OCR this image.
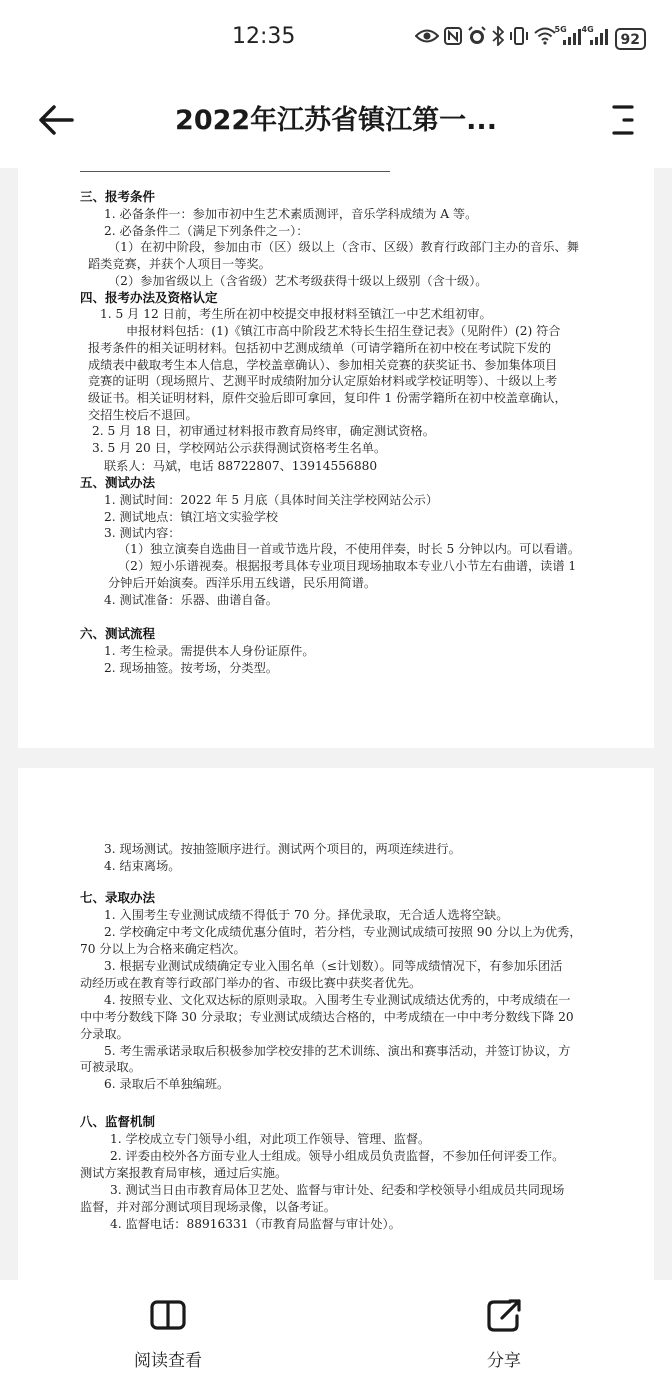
12:35	5G 4G
92
2022年江苏省镇江第一...
三、报考条件
1. 必备条件一：参加市初中生艺术素质测评，音乐学科成绩为 A 等。
2. 必备条件二（满足下列条件之一）：
（1）在初中阶段，参加由市（区）级以上（含市、区级）教育行政部门主办的音乐、舞
蹈类竞赛，并获个人项目一等奖。
（2）参加省级以上（含省级）艺术考级获得十级以上级别（含十级）。
四、报考办法及资格认定
1. 5 月 12 日前，考生所在初中校提交申报材料至镇江一中艺术组初审。
申报材料包括：(1)《镇江市高中阶段艺术特长生招生登记表》（见附件）(2) 符合
报考条件的相关证明材料。包括初中艺测成绩单（可请学籍所在初中校在考试院下发的
成绩表中截取考生本人信息，学校盖章确认）、参加相关竞赛的获奖证书、参加集体项目
竞赛的证明（现场照片、艺测平时成绩附加分认定原始材料或学校证明等）、十级以上考
级证书。相关证明材料，原件交验后即可拿回，复印件 1 份需学籍所在初中校盖章确认，
交招生校后不退回。
2. 5 月 18 日，初审通过材料报市教育局终审，确定测试资格。
3. 5 月 20 日，学校网站公示获得测试资格考生名单。
联系人：马斌，电话 88722807、13914556880
五、测试办法
1. 测试时间：2022 年 5 月底（具体时间关注学校网站公示）
2. 测试地点：镇江培文实验学校
3. 测试内容：
（1）独立演奏自选曲目一首或节选片段，不使用伴奏，时长 5 分钟以内。可以看谱。
（2）短小乐谱视奏。根据报考具体专业项目现场抽取本专业八小节左右曲谱，读谱 1
分钟后开始演奏。西洋乐用五线谱，民乐用简谱。
4. 测试准备：乐器、曲谱自备。
六、测试流程
1. 考生检录。需提供本人身份证原件。
2. 现场抽签。按考场，分类型。
3. 现场测试。按抽签顺序进行。测试两个项目的，两项连续进行。
4. 结束离场。
七、录取办法
1. 入围考生专业测试成绩不得低于 70 分。择优录取，无合适人选将空缺。
2. 学校确定中考文化成绩优惠分值时，若分档，专业测试成绩可按照 90 分以上为优秀，
70 分以上为合格来确定档次。
3. 根据专业测试成绩确定专业入围名单（≤计划数）。同等成绩情况下，有参加乐团活
动经历或在教育等行政部门举办的省、市级比赛中获奖者优先。
4. 按照专业、文化双达标的原则录取。入围考生专业测试成绩达优秀的，中考成绩在一
中中考分数线下降 30 分录取；专业测试成绩达合格的，中考成绩在一中中考分数线下降 20
分录取。
5. 考生需承诺录取后积极参加学校安排的艺术训练、演出和赛事活动，并签订协议，方
可被录取。
6. 录取后不单独编班。
八、监督机制
1. 学校成立专门领导小组，对此项工作领导、管理、监督。
2. 评委由校外各方面专业人士组成。领导小组成员负责监督，不参加任何评委工作。
测试方案报教育局审核，通过后实施。
3. 测试当日由市教育局体卫艺处、监督与审计处、纪委和学校领导小组成员共同现场
监督，并对部分测试项目现场录像，以备考证。
4. 监督电话：88916331（市教育局监督与审计处）。
阅读查看	分享
